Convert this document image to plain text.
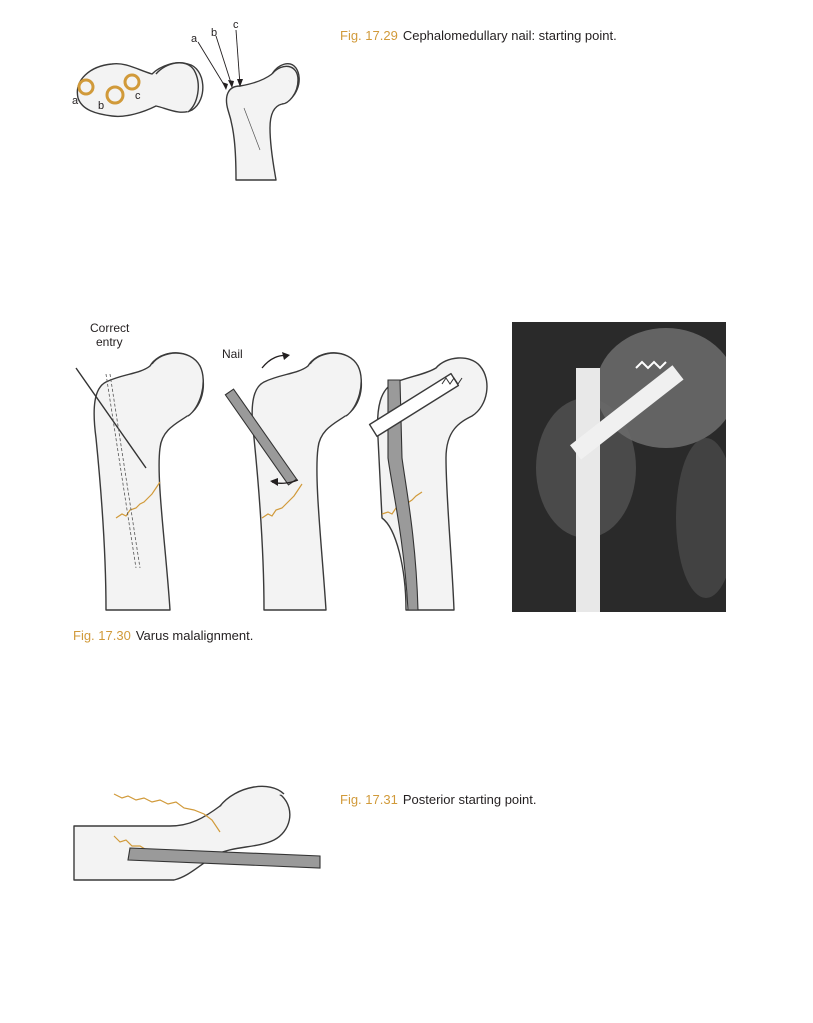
a b
c
a b
c
Fig. 17.29 Cephalomedullary nail: starting point.
Correct
entry
Nail
Fig. 17.30 Varus malalignment.
Fig. 17.31 Posterior starting point.
